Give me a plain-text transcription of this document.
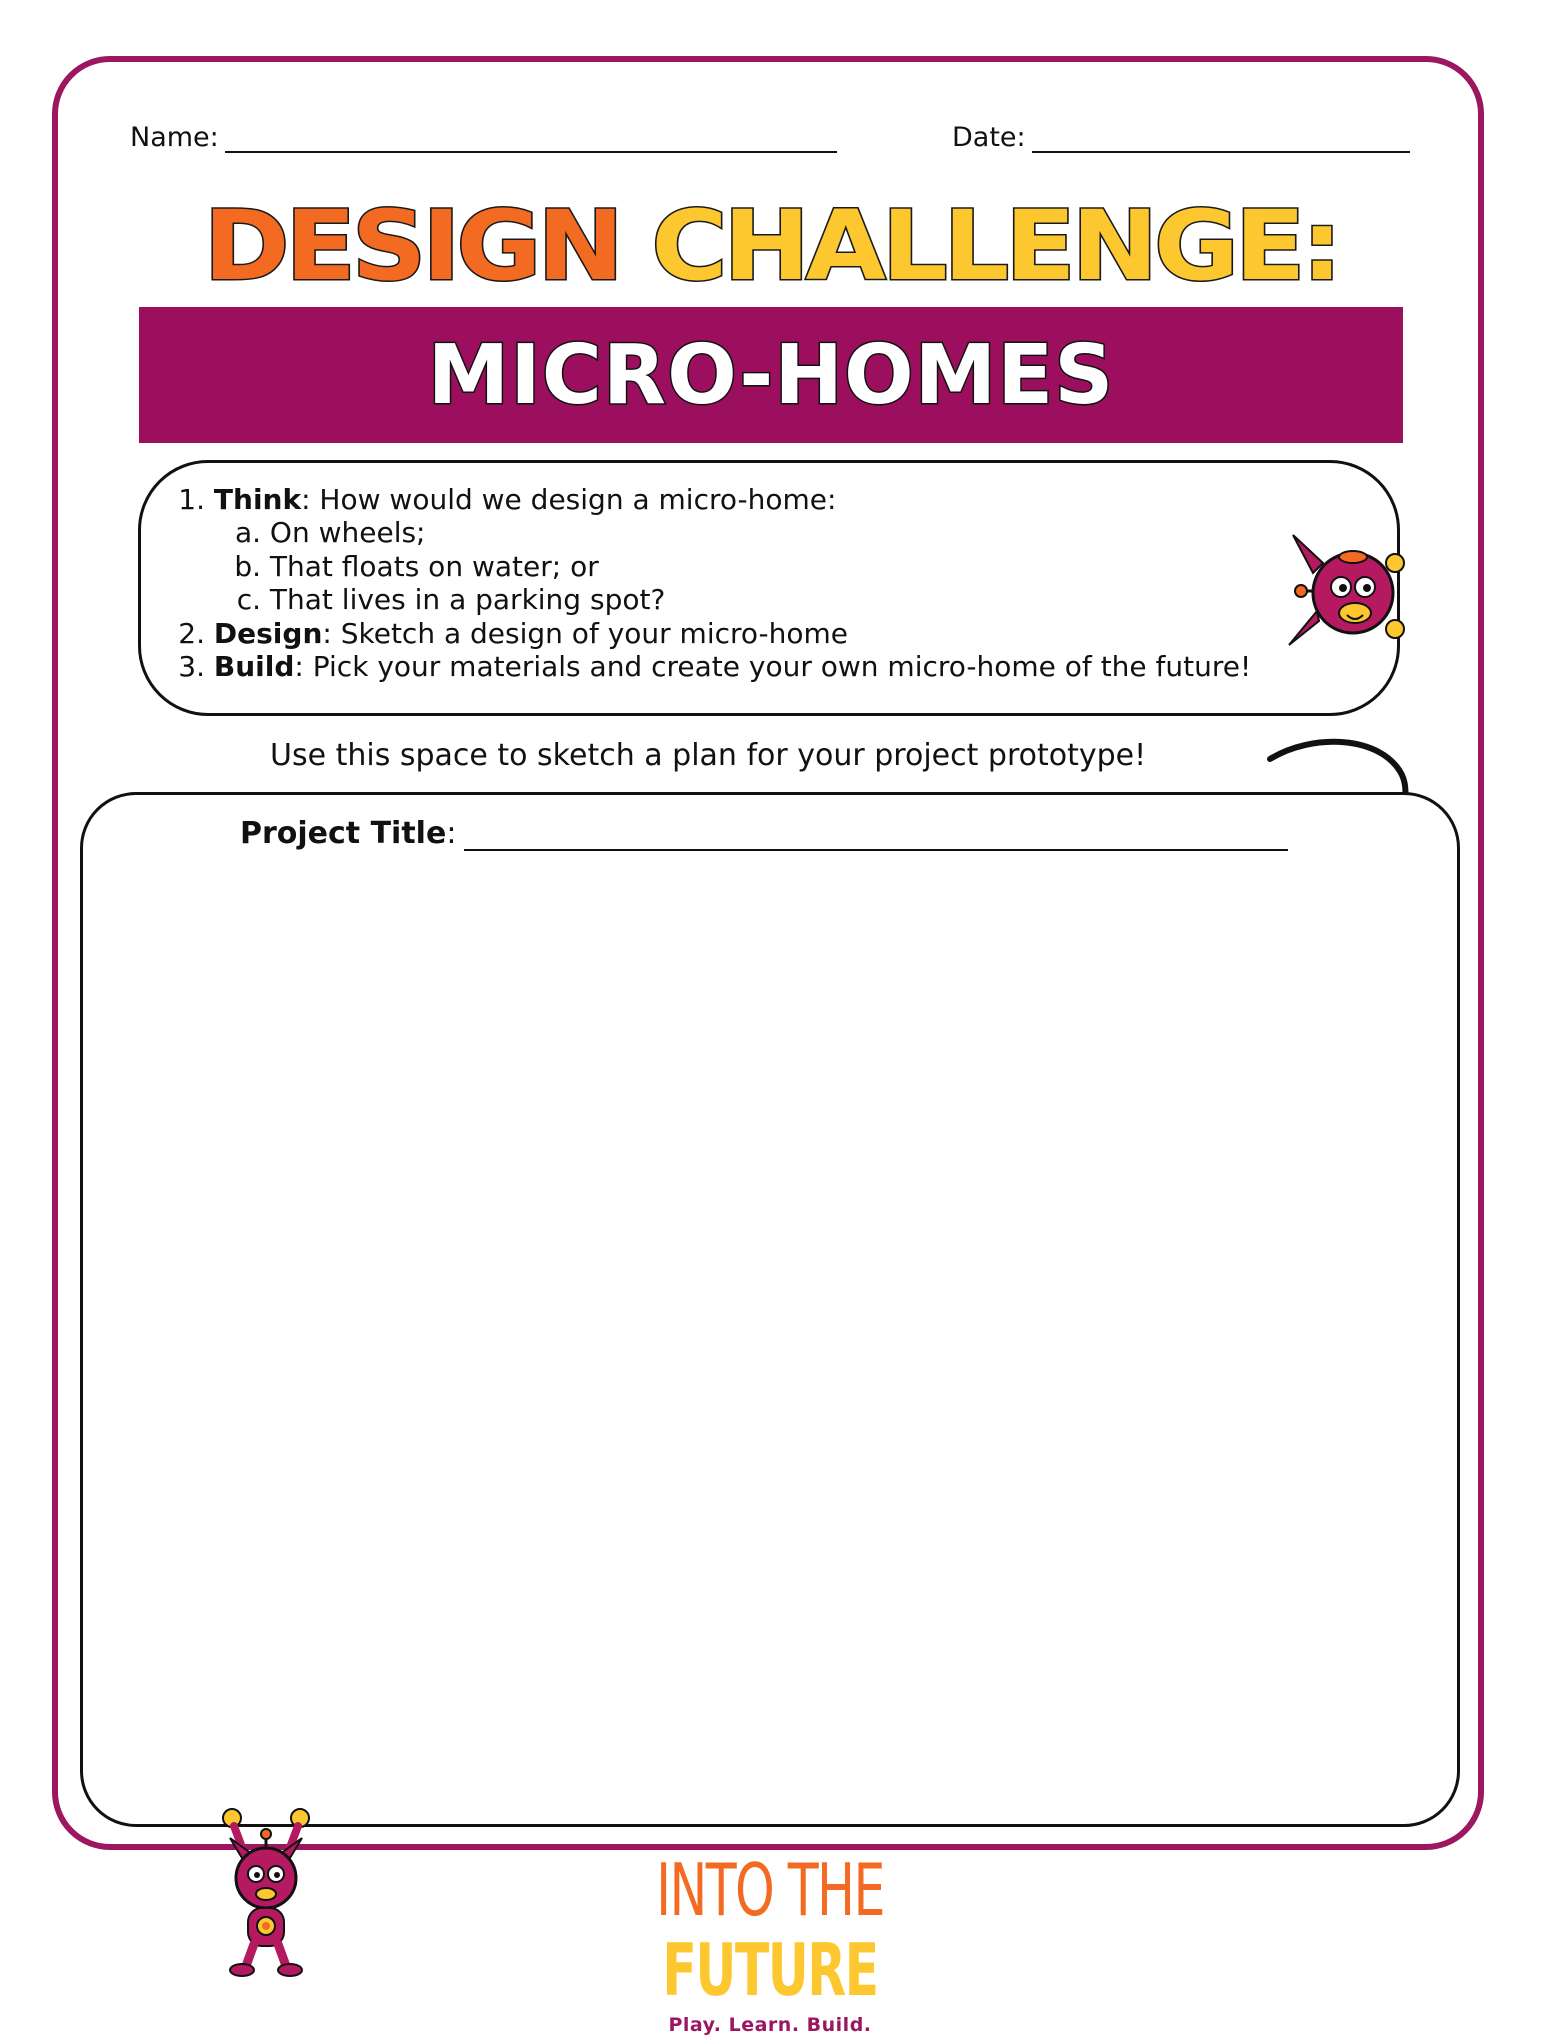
Name:	Date:
DESIGN CHALLENGE:
MICRO-HOMES
1. Think: How would we design a micro-home:
a. On wheels;
b. That floats on water; or
c. That lives in a parking spot?
2. Design: Sketch a design of your micro-home
3. Build: Pick your materials and create your own micro-home of the future!
Use this space to sketch a plan for your project prototype!
Project Title :
INTO THE FUTURE
Play. Learn. Build.
